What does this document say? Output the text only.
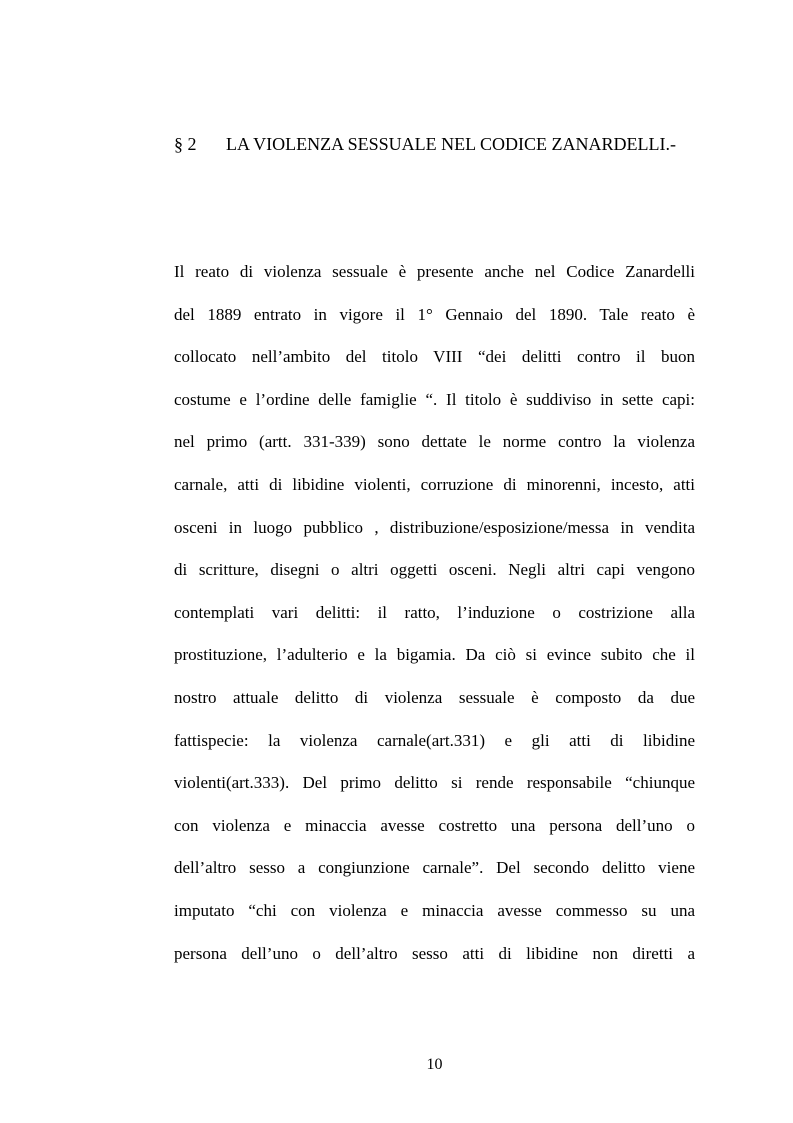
§ 2 LA VIOLENZA SESSUALE NEL CODICE ZANARDELLI.-
Il reato di violenza sessuale è presente anche nel Codice Zanardelli
del 1889 entrato in vigore il 1° Gennaio del 1890. Tale reato è
collocato nell’ambito del titolo VIII “dei delitti contro il buon
costume e l’ordine delle famiglie “. Il titolo è suddiviso in sette capi:
nel primo (artt. 331-339) sono dettate le norme contro la violenza
carnale, atti di libidine violenti, corruzione di minorenni, incesto, atti
osceni in luogo pubblico , distribuzione/esposizione/messa in vendita
di scritture, disegni o altri oggetti osceni. Negli altri capi vengono
contemplati vari delitti: il ratto, l’induzione o costrizione alla
prostituzione, l’adulterio e la bigamia. Da ciò si evince subito che il
nostro attuale delitto di violenza sessuale è composto da due
fattispecie: la violenza carnale(art.331) e gli atti di libidine
violenti(art.333). Del primo delitto si rende responsabile “chiunque
con violenza e minaccia avesse costretto una persona dell’uno o
dell’altro sesso a congiunzione carnale”. Del secondo delitto viene
imputato “chi con violenza e minaccia avesse commesso su una
persona dell’uno o dell’altro sesso atti di libidine non diretti a
10
